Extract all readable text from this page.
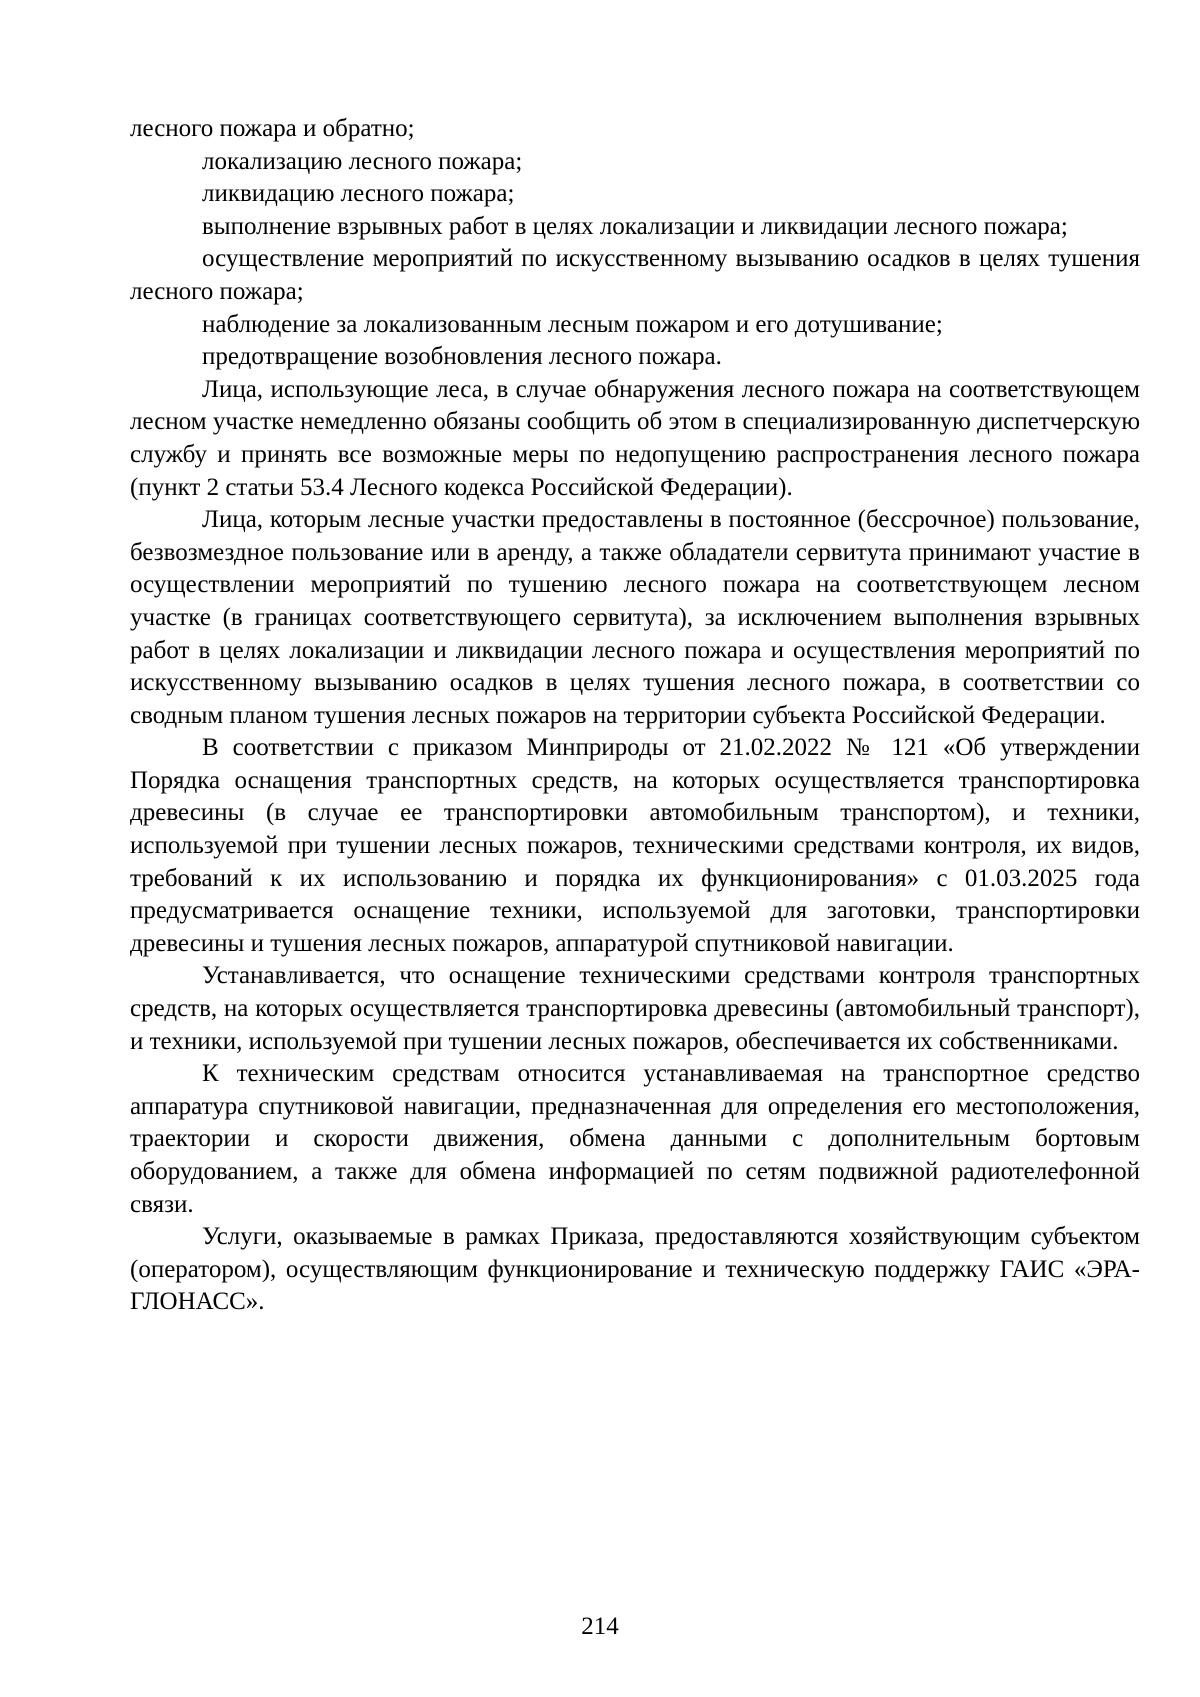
лесного пожара и обратно;

локализацию лесного пожара;

ликвидацию лесного пожара;

выполнение взрывных работ в целях локализации и ликвидации лесного пожара;

осуществление мероприятий по искусственному вызыванию осадков в целях тушения лесного пожара;

наблюдение за локализованным лесным пожаром и его дотушивание;

предотвращение возобновления лесного пожара.

Лица, использующие леса, в случае обнаружения лесного пожара на соответствующем лесном участке немедленно обязаны сообщить об этом в специализированную диспетчерскую службу и принять все возможные меры по недопущению распространения лесного пожара (пункт 2 статьи 53.4 Лесного кодекса Российской Федерации).

Лица, которым лесные участки предоставлены в постоянное (бессрочное) пользование, безвозмездное пользование или в аренду, а также обладатели сервитута принимают участие в осуществлении мероприятий по тушению лесного пожара на соответствующем лесном участке (в границах соответствующего сервитута), за исключением выполнения взрывных работ в целях локализации и ликвидации лесного пожара и осуществления мероприятий по искусственному вызыванию осадков в целях тушения лесного пожара, в соответствии со сводным планом тушения лесных пожаров на территории субъекта Российской Федерации.

В соответствии с приказом Минприроды от 21.02.2022 № 121 «Об утверждении Порядка оснащения транспортных средств, на которых осуществляется транспортировка древесины (в случае ее транспортировки автомобильным транспортом), и техники, используемой при тушении лесных пожаров, техническими средствами контроля, их видов, требований к их использованию и порядка их функционирования» с 01.03.2025 года предусматривается оснащение техники, используемой для заготовки, транспортировки древесины и тушения лесных пожаров, аппаратурой спутниковой навигации.

Устанавливается, что оснащение техническими средствами контроля транспортных средств, на которых осуществляется транспортировка древесины (автомобильный транспорт), и техники, используемой при тушении лесных пожаров, обеспечивается их собственниками.

К техническим средствам относится устанавливаемая на транспортное средство аппаратура спутниковой навигации, предназначенная для определения его местоположения, траектории и скорости движения, обмена данными с дополнительным бортовым оборудованием, а также для обмена информацией по сетям подвижной радиотелефонной связи.

Услуги, оказываемые в рамках Приказа, предоставляются хозяйствующим субъектом (оператором), осуществляющим функционирование и техническую поддержку ГАИС «ЭРА-ГЛОНАСС».

214
